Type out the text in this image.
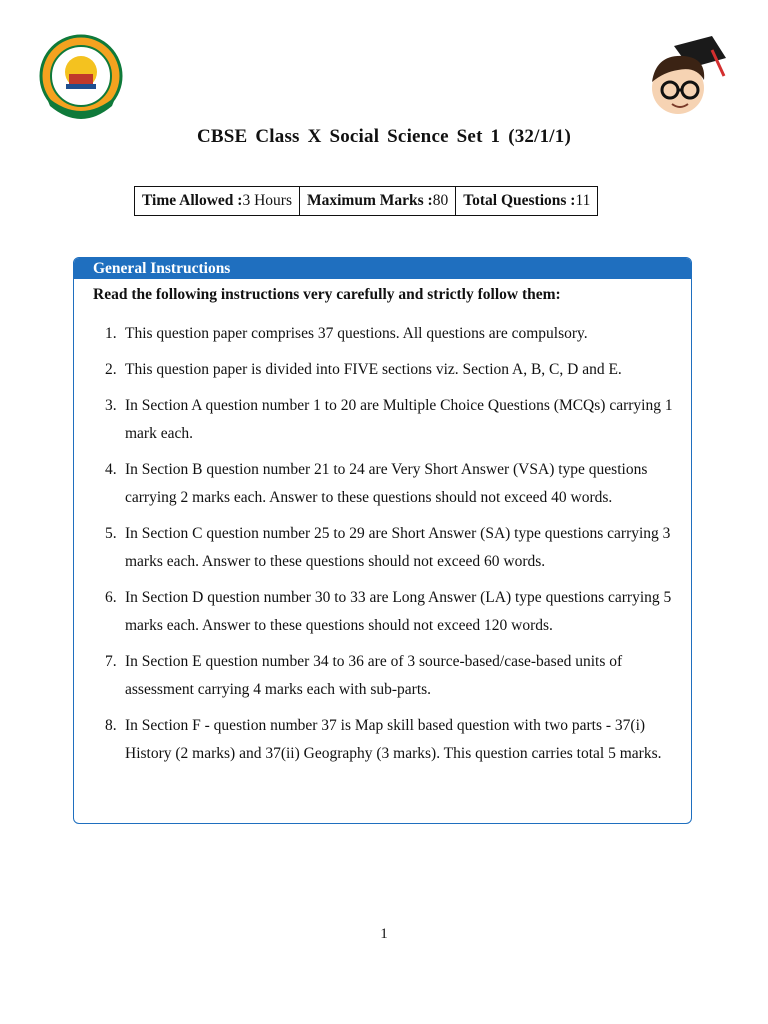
CBSE Class X Social Science Set 1 (32/1/1)
Time Allowed :3 Hours	Maximum Marks :80	Total Questions :11
General Instructions
Read the following instructions very carefully and strictly follow them:
1. This question paper comprises 37 questions. All questions are compulsory.
2. This question paper is divided into FIVE sections viz. Section A, B, C, D and E.
3. In Section A question number 1 to 20 are Multiple Choice Questions (MCQs) carrying 1 mark each.
4. In Section B question number 21 to 24 are Very Short Answer (VSA) type questions carrying 2 marks each. Answer to these questions should not exceed 40 words.
5. In Section C question number 25 to 29 are Short Answer (SA) type questions carrying 3 marks each. Answer to these questions should not exceed 60 words.
6. In Section D question number 30 to 33 are Long Answer (LA) type questions carrying 5 marks each. Answer to these questions should not exceed 120 words.
7. In Section E question number 34 to 36 are of 3 source-based/case-based units of assessment carrying 4 marks each with sub-parts.
8. In Section F - question number 37 is Map skill based question with two parts - 37(i) History (2 marks) and 37(ii) Geography (3 marks). This question carries total 5 marks.
1
